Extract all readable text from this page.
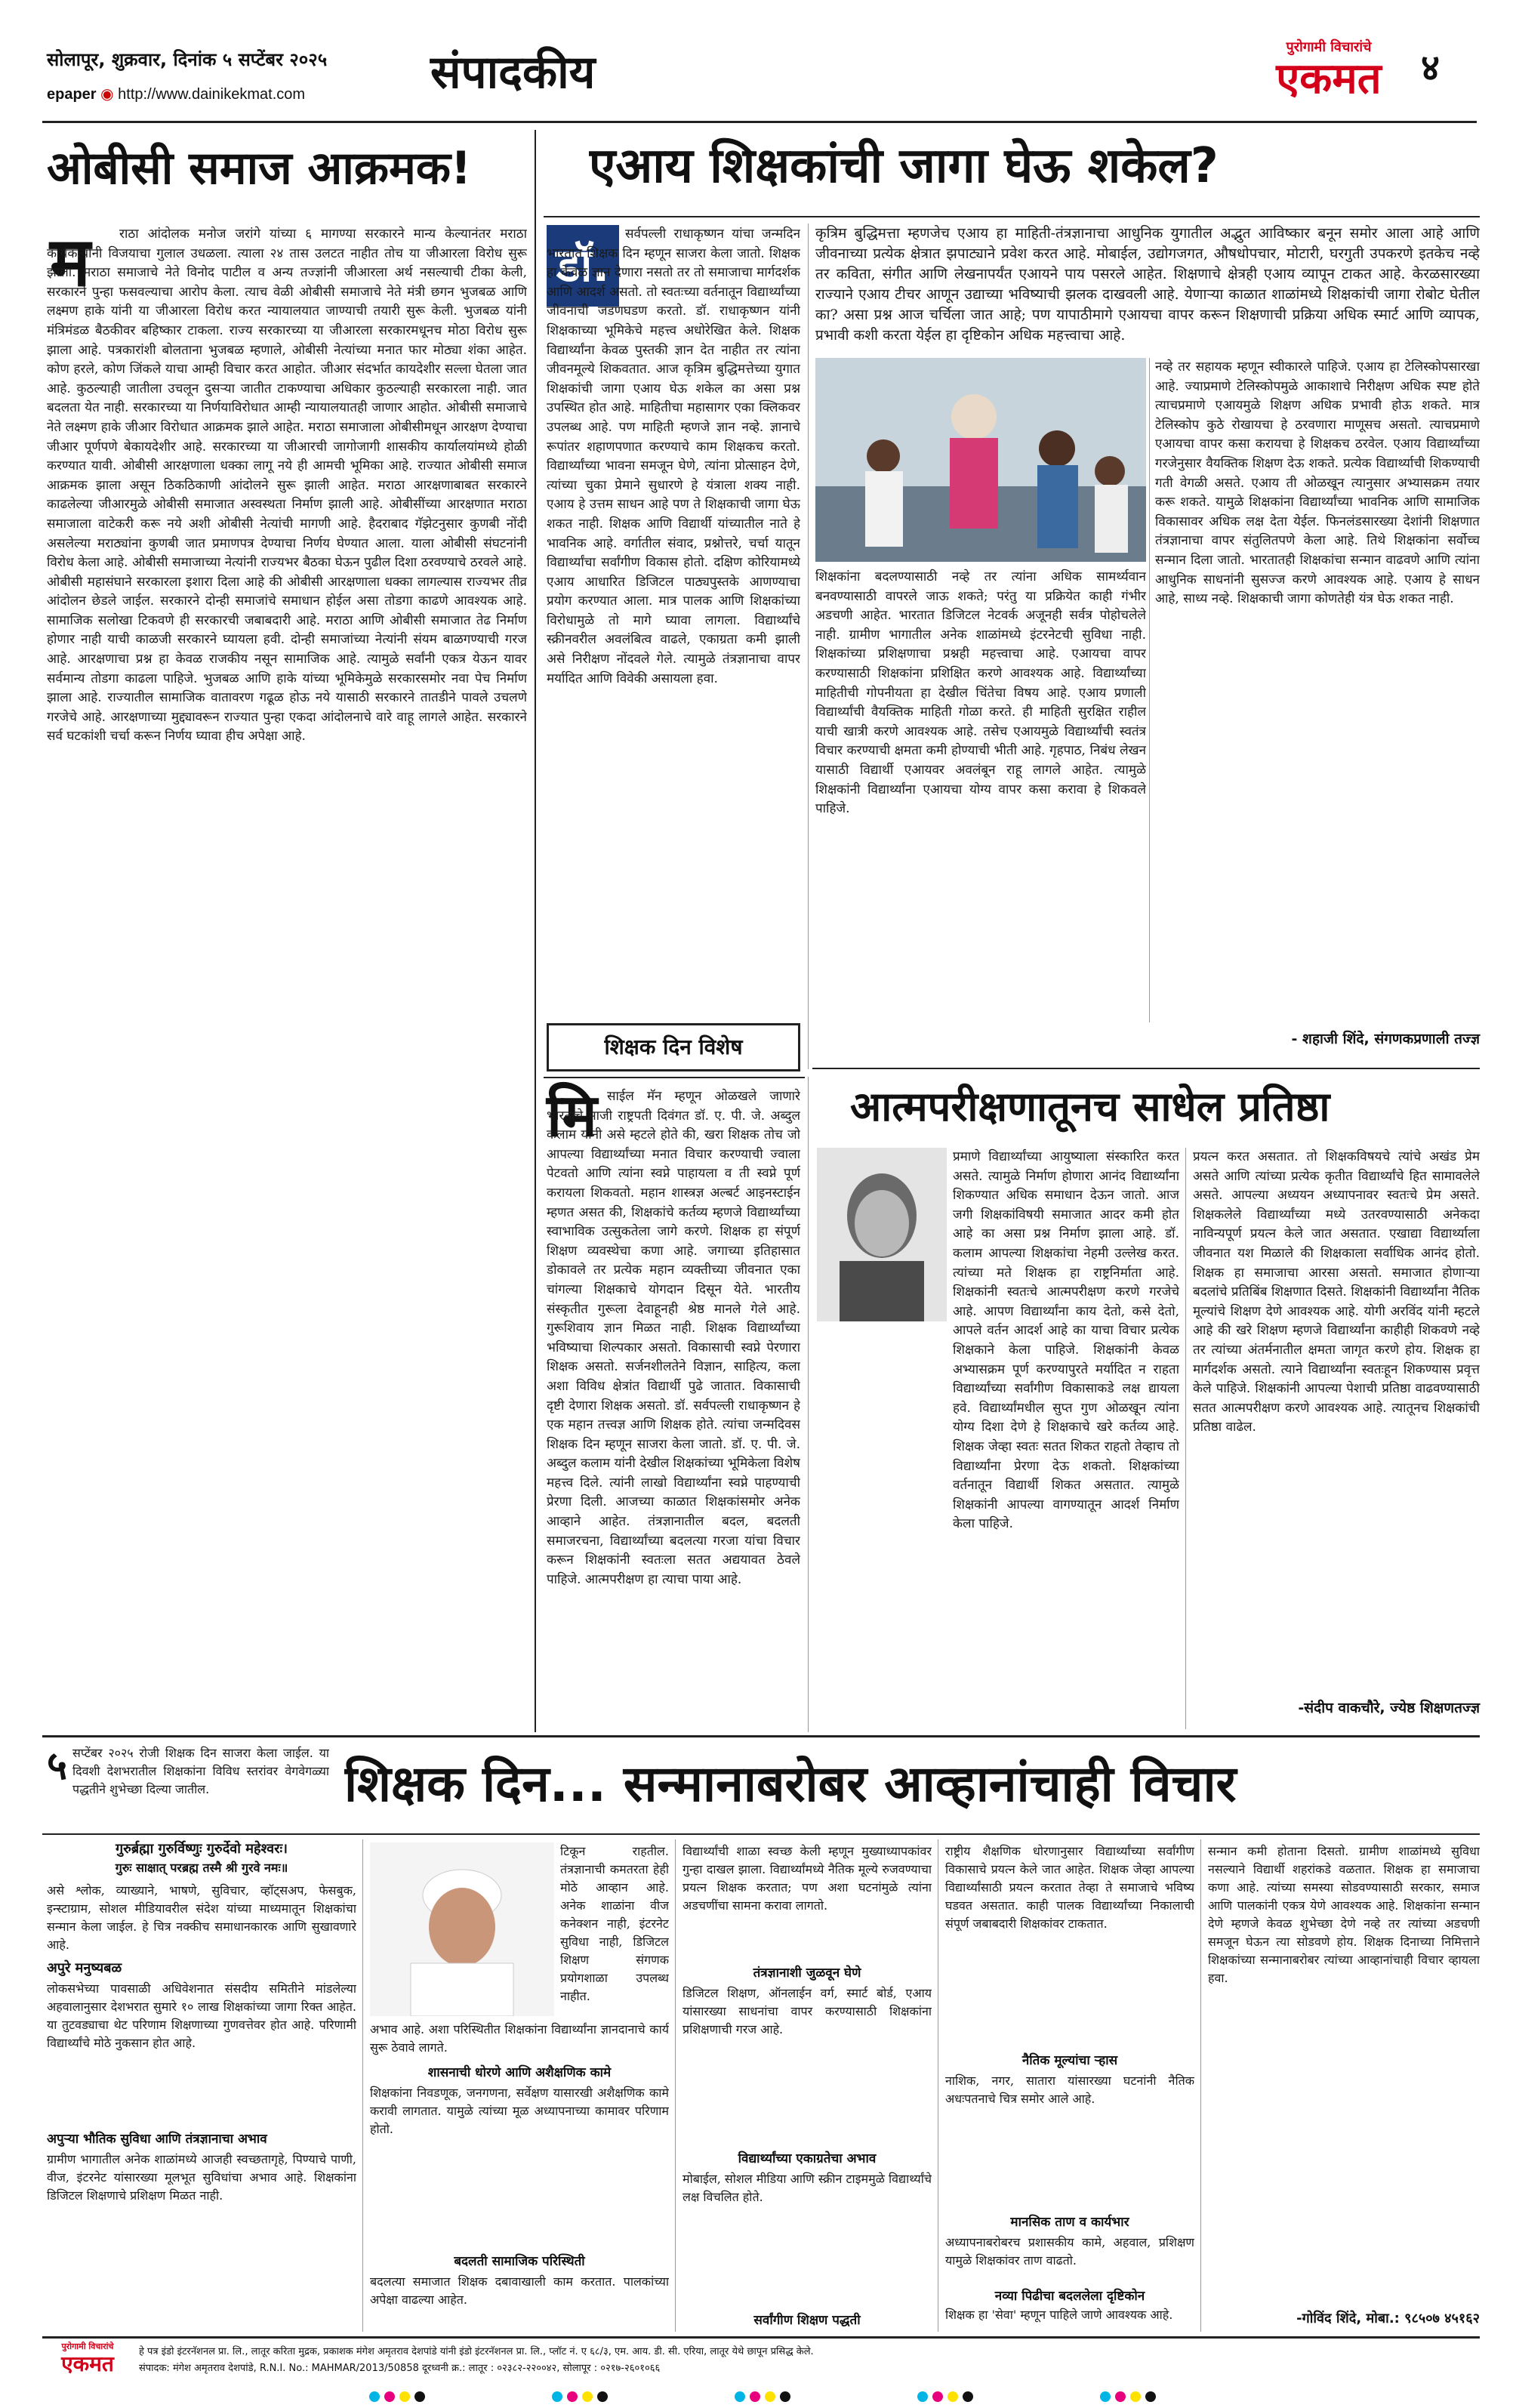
सोलापूर, शुक्रवार, दिनांक ५ सप्टेंबर २०२५
epaper ◉ http://www.dainikekmat.com	संपादकीय	पुरोगामी विचारांचे
एकमत	४
ओबीसी समाज आक्रमक!
म	राठा आंदोलक मनोज जरांगे यांच्या ६ मागण्या सरकारने मान्य केल्यानंतर मराठा कार्यकर्त्यांनी विजयाचा गुलाल उधळला. त्याला २४ तास उलटत नाहीत तोच या जीआरला विरोध सुरू झाला. मराठा समाजाचे नेते विनोद पाटील व अन्य तज्ज्ञांनी जीआरला अर्थ नसल्याची टीका केली, सरकारने पुन्हा फसवल्याचा आरोप केला. त्याच वेळी ओबीसी समाजाचे नेते मंत्री छगन भुजबळ आणि लक्ष्मण हाके यांनी या जीआरला विरोध करत न्यायालयात जाण्याची तयारी सुरू केली. भुजबळ यांनी मंत्रिमंडळ बैठकीवर बहिष्कार टाकला. राज्य सरकारच्या या जीआरला सरकारमधूनच मोठा विरोध सुरू झाला आहे. पत्रकारांशी बोलताना भुजबळ म्हणाले, ओबीसी नेत्यांच्या मनात फार मोठ्या शंका आहेत. कोण हरले, कोण जिंकले याचा आम्ही विचार करत आहोत. जीआर संदर्भात कायदेशीर सल्ला घेतला जात आहे. कुठल्याही जातीला उचलून दुसऱ्या जातीत टाकण्याचा अधिकार कुठल्याही सरकारला नाही. जात बदलता येत नाही. सरकारच्या या निर्णयाविरोधात आम्ही न्यायालयातही जाणार आहोत. ओबीसी समाजाचे नेते लक्ष्मण हाके जीआर विरोधात आक्रमक झाले आहेत. मराठा समाजाला ओबीसीमधून आरक्षण देण्याचा जीआर पूर्णपणे बेकायदेशीर आहे. सरकारच्या या जीआरची जागोजागी शासकीय कार्यालयांमध्ये होळी करण्यात यावी. ओबीसी आरक्षणाला धक्का लागू नये ही आमची भूमिका आहे. राज्यात ओबीसी समाज आक्रमक झाला असून ठिकठिकाणी आंदोलने सुरू झाली आहेत. मराठा आरक्षणाबाबत सरकारने काढलेल्या जीआरमुळे ओबीसी समाजात अस्वस्थता निर्माण झाली आहे. ओबीसींच्या आरक्षणात मराठा समाजाला वाटेकरी करू नये अशी ओबीसी नेत्यांची मागणी आहे. हैदराबाद गॅझेटनुसार कुणबी नोंदी असलेल्या मराठ्यांना कुणबी जात प्रमाणपत्र देण्याचा निर्णय घेण्यात आला. याला ओबीसी संघटनांनी विरोध केला आहे. ओबीसी समाजाच्या नेत्यांनी राज्यभर बैठका घेऊन पुढील दिशा ठरवण्याचे ठरवले आहे. ओबीसी महासंघाने सरकारला इशारा दिला आहे की ओबीसी आरक्षणाला धक्का लागल्यास राज्यभर तीव्र आंदोलन छेडले जाईल. सरकारने दोन्ही समाजांचे समाधान होईल असा तोडगा काढणे आवश्यक आहे. सामाजिक सलोखा टिकवणे ही सरकारची जबाबदारी आहे. मराठा आणि ओबीसी समाजात तेढ निर्माण होणार नाही याची काळजी सरकारने घ्यायला हवी. दोन्ही समाजांच्या नेत्यांनी संयम बाळगण्याची गरज आहे. आरक्षणाचा प्रश्न हा केवळ राजकीय नसून सामाजिक आहे. त्यामुळे सर्वांनी एकत्र येऊन यावर सर्वमान्य तोडगा काढला पाहिजे. भुजबळ आणि हाके यांच्या भूमिकेमुळे सरकारसमोर नवा पेच निर्माण झाला आहे. राज्यातील सामाजिक वातावरण गढूळ होऊ नये यासाठी सरकारने तातडीने पावले उचलणे गरजेचे आहे. आरक्षणाच्या मुद्द्यावरून राज्यात पुन्हा एकदा आंदोलनाचे वारे वाहू लागले आहेत. सरकारने सर्व घटकांशी चर्चा करून निर्णय घ्यावा हीच अपेक्षा आहे.
एआय शिक्षकांची जागा घेऊ शकेल?
डॉ.
सर्वपल्ली राधाकृष्णन यांचा जन्मदिन भारतात शिक्षक दिन म्हणून साजरा केला जातो. शिक्षक हा केवळ ज्ञान देणारा नसतो तर तो समाजाचा मार्गदर्शक आणि आदर्श असतो. तो स्वतःच्या वर्तनातून विद्यार्थ्यांच्या जीवनाची जडणघडण करतो. डॉ. राधाकृष्णन यांनी शिक्षकाच्या भूमिकेचे महत्त्व अधोरेखित केले. शिक्षक विद्यार्थ्यांना केवळ पुस्तकी ज्ञान देत नाहीत तर त्यांना जीवनमूल्ये शिकवतात. आज कृत्रिम बुद्धिमत्तेच्या युगात शिक्षकांची जागा एआय घेऊ शकेल का असा प्रश्न उपस्थित होत आहे. माहितीचा महासागर एका क्लिकवर उपलब्ध आहे. पण माहिती म्हणजे ज्ञान नव्हे. ज्ञानाचे रूपांतर शहाणपणात करण्याचे काम शिक्षकच करतो. विद्यार्थ्यांच्या भावना समजून घेणे, त्यांना प्रोत्साहन देणे, त्यांच्या चुका प्रेमाने सुधारणे हे यंत्राला शक्य नाही. एआय हे उत्तम साधन आहे पण ते शिक्षकाची जागा घेऊ शकत नाही. शिक्षक आणि विद्यार्थी यांच्यातील नाते हे भावनिक आहे. वर्गातील संवाद, प्रश्नोत्तरे, चर्चा यातून विद्यार्थ्यांचा सर्वांगीण विकास होतो. दक्षिण कोरियामध्ये एआय आधारित डिजिटल पाठ्यपुस्तके आणण्याचा प्रयोग करण्यात आला. मात्र पालक आणि शिक्षकांच्या विरोधामुळे तो मागे घ्यावा लागला. विद्यार्थ्यांचे स्क्रीनवरील अवलंबित्व वाढले, एकाग्रता कमी झाली असे निरीक्षण नोंदवले गेले. त्यामुळे तंत्रज्ञानाचा वापर मर्यादित आणि विवेकी असायला हवा.
शिक्षक दिन विशेष
कृत्रिम बुद्धिमत्ता म्हणजेच एआय हा माहिती-तंत्रज्ञानाचा आधुनिक युगातील अद्भुत आविष्कार बनून समोर आला आहे आणि जीवनाच्या प्रत्येक क्षेत्रात झपाट्याने प्रवेश करत आहे. मोबाईल, उद्योगजगत, औषधोपचार, मोटारी, घरगुती उपकरणे इतकेच नव्हे तर कविता, संगीत आणि लेखनापर्यंत एआयने पाय पसरले आहेत. शिक्षणाचे क्षेत्रही एआय व्यापून टाकत आहे. केरळसारख्या राज्याने एआय टीचर आणून उद्याच्या भविष्याची झलक दाखवली आहे. येणाऱ्या काळात शाळांमध्ये शिक्षकांची जागा रोबोट घेतील का? असा प्रश्न आज चर्चिला जात आहे; पण यापाठीमागे एआयचा वापर करून शिक्षणाची प्रक्रिया अधिक स्मार्ट आणि व्यापक, प्रभावी कशी करता येईल हा दृष्टिकोन अधिक महत्त्वाचा आहे.
नव्हे तर सहायक म्हणून स्वीकारले पाहिजे. एआय हा टेलिस्कोपसारखा आहे. ज्याप्रमाणे टेलिस्कोपमुळे आकाशाचे निरीक्षण अधिक स्पष्ट होते त्याचप्रमाणे एआयमुळे शिक्षण अधिक प्रभावी होऊ शकते. मात्र टेलिस्कोप कुठे रोखायचा हे ठरवणारा माणूसच असतो. त्याचप्रमाणे एआयचा वापर कसा करायचा हे शिक्षकच ठरवेल. एआय विद्यार्थ्यांच्या गरजेनुसार वैयक्तिक शिक्षण देऊ शकते. प्रत्येक विद्यार्थ्याची शिकण्याची गती वेगळी असते. एआय ती ओळखून त्यानुसार अभ्यासक्रम तयार करू शकते. यामुळे शिक्षकांना विद्यार्थ्यांच्या भावनिक आणि सामाजिक विकासावर अधिक लक्ष देता येईल. फिनलंडसारख्या देशांनी शिक्षणात तंत्रज्ञानाचा वापर संतुलितपणे केला आहे. तिथे शिक्षकांना सर्वोच्च सन्मान दिला जातो. भारतातही शिक्षकांचा सन्मान वाढवणे आणि त्यांना आधुनिक साधनांनी सुसज्ज करणे आवश्यक आहे. एआय हे साधन आहे, साध्य नव्हे. शिक्षकाची जागा कोणतेही यंत्र घेऊ शकत नाही.
शिक्षकांना बदलण्यासाठी नव्हे तर त्यांना अधिक सामर्थ्यवान बनवण्यासाठी वापरले जाऊ शकते; परंतु या प्रक्रियेत काही गंभीर अडचणी आहेत. भारतात डिजिटल नेटवर्क अजूनही सर्वत्र पोहोचलेले नाही. ग्रामीण भागातील अनेक शाळांमध्ये इंटरनेटची सुविधा नाही. शिक्षकांच्या प्रशिक्षणाचा प्रश्नही महत्त्वाचा आहे. एआयचा वापर करण्यासाठी शिक्षकांना प्रशिक्षित करणे आवश्यक आहे. विद्यार्थ्यांच्या माहितीची गोपनीयता हा देखील चिंतेचा विषय आहे. एआय प्रणाली विद्यार्थ्यांची वैयक्तिक माहिती गोळा करते. ही माहिती सुरक्षित राहील याची खात्री करणे आवश्यक आहे. तसेच एआयमुळे विद्यार्थ्यांची स्वतंत्र विचार करण्याची क्षमता कमी होण्याची भीती आहे. गृहपाठ, निबंध लेखन यासाठी विद्यार्थी एआयवर अवलंबून राहू लागले आहेत. त्यामुळे शिक्षकांनी विद्यार्थ्यांना एआयचा योग्य वापर कसा करावा हे शिकवले पाहिजे.
- शहाजी शिंदे, संगणकप्रणाली तज्ज्ञ
मि साईल मॅन म्हणून ओळखले जाणारे भारताचे माजी राष्ट्रपती दिवंगत डॉ. ए. पी. जे. अब्दुल कलाम यांनी असे म्हटले होते की, खरा शिक्षक तोच जो आपल्या विद्यार्थ्यांच्या मनात विचार करण्याची ज्वाला पेटवतो आणि त्यांना स्वप्ने पाहायला व ती स्वप्ने पूर्ण करायला शिकवतो. महान शास्त्रज्ञ अल्बर्ट आइनस्टाईन म्हणत असत की, शिक्षकांचे कर्तव्य म्हणजे विद्यार्थ्यांच्या स्वाभाविक उत्सुकतेला जागे करणे. शिक्षक हा संपूर्ण शिक्षण व्यवस्थेचा कणा आहे. जगाच्या इतिहासात डोकावले तर प्रत्येक महान व्यक्तीच्या जीवनात एका चांगल्या शिक्षकाचे योगदान दिसून येते. भारतीय संस्कृतीत गुरूला देवाहूनही श्रेष्ठ मानले गेले आहे. गुरूशिवाय ज्ञान मिळत नाही. शिक्षक विद्यार्थ्यांच्या भविष्याचा शिल्पकार असतो. विकासाची स्वप्ने पेरणारा शिक्षक असतो. सर्जनशीलतेने विज्ञान, साहित्य, कला अशा विविध क्षेत्रांत विद्यार्थी पुढे जातात. विकासाची दृष्टी देणारा शिक्षक असतो. डॉ. सर्वपल्ली राधाकृष्णन हे एक महान तत्त्वज्ञ आणि शिक्षक होते. त्यांचा जन्मदिवस शिक्षक दिन म्हणून साजरा केला जातो. डॉ. ए. पी. जे. अब्दुल कलाम यांनी देखील शिक्षकांच्या भूमिकेला विशेष महत्त्व दिले. त्यांनी लाखो विद्यार्थ्यांना स्वप्ने पाहण्याची प्रेरणा दिली. आजच्या काळात शिक्षकांसमोर अनेक आव्हाने आहेत. तंत्रज्ञानातील बदल, बदलती समाजरचना, विद्यार्थ्यांच्या बदलत्या गरजा यांचा विचार करून शिक्षकांनी स्वतःला सतत अद्ययावत ठेवले पाहिजे. आत्मपरीक्षण हा त्याचा पाया आहे.
आत्मपरीक्षणातूनच साधेल प्रतिष्ठा
प्रमाणे विद्यार्थ्यांच्या आयुष्याला संस्कारित करत असते. त्यामुळे निर्माण होणारा आनंद विद्यार्थ्यांना शिकण्यात अधिक समाधान देऊन जातो. आज जगी शिक्षकांविषयी समाजात आदर कमी होत आहे का असा प्रश्न निर्माण झाला आहे. डॉ. कलाम आपल्या शिक्षकांचा नेहमी उल्लेख करत. त्यांच्या मते शिक्षक हा राष्ट्रनिर्माता आहे. शिक्षकांनी स्वतःचे आत्मपरीक्षण करणे गरजेचे आहे. आपण विद्यार्थ्यांना काय देतो, कसे देतो, आपले वर्तन आदर्श आहे का याचा विचार प्रत्येक शिक्षकाने केला पाहिजे. शिक्षकांनी केवळ अभ्यासक्रम पूर्ण करण्यापुरते मर्यादित न राहता विद्यार्थ्यांच्या सर्वांगीण विकासाकडे लक्ष द्यायला हवे. विद्यार्थ्यांमधील सुप्त गुण ओळखून त्यांना योग्य दिशा देणे हे शिक्षकाचे खरे कर्तव्य आहे. शिक्षक जेव्हा स्वतः सतत शिकत राहतो तेव्हाच तो विद्यार्थ्यांना प्रेरणा देऊ शकतो. शिक्षकांच्या वर्तनातून विद्यार्थी शिकत असतात. त्यामुळे शिक्षकांनी आपल्या वागण्यातून आदर्श निर्माण केला पाहिजे.
प्रयत्न करत असतात. तो शिक्षकविषयचे त्यांचे अखंड प्रेम असते आणि त्यांच्या प्रत्येक कृतीत विद्यार्थ्यांचे हित सामावलेले असते. आपल्या अध्ययन अध्यापनावर स्वतःचे प्रेम असते. शिक्षकलेले विद्यार्थ्यांच्या मध्ये उतरवण्यासाठी अनेकदा नाविन्यपूर्ण प्रयत्न केले जात असतात. एखाद्या विद्यार्थ्याला जीवनात यश मिळाले की शिक्षकाला सर्वाधिक आनंद होतो. शिक्षक हा समाजाचा आरसा असतो. समाजात होणाऱ्या बदलांचे प्रतिबिंब शिक्षणात दिसते. शिक्षकांनी विद्यार्थ्यांना नैतिक मूल्यांचे शिक्षण देणे आवश्यक आहे. योगी अरविंद यांनी म्हटले आहे की खरे शिक्षण म्हणजे विद्यार्थ्यांना काहीही शिकवणे नव्हे तर त्यांच्या अंतर्मनातील क्षमता जागृत करणे होय. शिक्षक हा मार्गदर्शक असतो. त्याने विद्यार्थ्यांना स्वतःहून शिकण्यास प्रवृत्त केले पाहिजे. शिक्षकांनी आपल्या पेशाची प्रतिष्ठा वाढवण्यासाठी सतत आत्मपरीक्षण करणे आवश्यक आहे. त्यातूनच शिक्षकांची प्रतिष्ठा वाढेल.
-संदीप वाकचौरे, ज्येष्ठ शिक्षणतज्ज्ञ
५ सप्टेंबर २०२५ रोजी शिक्षक दिन साजरा केला जाईल. या दिवशी देशभरातील शिक्षकांना विविध स्तरांवर वेगवेगळ्या पद्धतीने शुभेच्छा दिल्या जातील.	शिक्षक दिन... सन्मानाबरोबर आव्हानांचाही विचार
गुरुर्ब्रह्मा गुरुर्विष्णुः गुरुर्देवो महेश्वरः।
गुरुः साक्षात् परब्रह्म तस्मै श्री गुरवे नमः॥
असे श्लोक, व्याख्याने, भाषणे, सुविचार, व्हॉट्सअप, फेसबुक, इन्स्टाग्राम, सोशल मीडियावरील संदेश यांच्या माध्यमातून शिक्षकांचा सन्मान केला जाईल. हे चित्र नक्कीच समाधानकारक आणि सुखावणारे आहे.
अपुरे मनुष्यबळ
लोकसभेच्या पावसाळी अधिवेशनात संसदीय समितीने मांडलेल्या अहवालानुसार देशभरात सुमारे १० लाख शिक्षकांच्या जागा रिक्त आहेत. या तुटवड्याचा थेट परिणाम शिक्षणाच्या गुणवत्तेवर होत आहे. परिणामी विद्यार्थ्यांचे मोठे नुकसान होत आहे.
अपुऱ्या भौतिक सुविधा आणि तंत्रज्ञानाचा अभाव
ग्रामीण भागातील अनेक शाळांमध्ये आजही स्वच्छतागृहे, पिण्याचे पाणी, वीज, इंटरनेट यांसारख्या मूलभूत सुविधांचा अभाव आहे. शिक्षकांना डिजिटल शिक्षणाचे प्रशिक्षण मिळत नाही.
टिकून राहतील. तंत्रज्ञानाची कमतरता हेही मोठे आव्हान आहे. अनेक शाळांना वीज कनेक्शन नाही, इंटरनेट सुविधा नाही, डिजिटल शिक्षण संगणक प्रयोगशाळा उपलब्ध नाहीत.
अभाव आहे. अशा परिस्थितीत शिक्षकांना विद्यार्थ्यांना ज्ञानदानाचे कार्य सुरू ठेवावे लागते.
शासनाची धोरणे आणि अशैक्षणिक कामे
शिक्षकांना निवडणूक, जनगणना, सर्वेक्षण यासारखी अशैक्षणिक कामे करावी लागतात. यामुळे त्यांच्या मूळ अध्यापनाच्या कामावर परिणाम होतो.
बदलती सामाजिक परिस्थिती
बदलत्या समाजात शिक्षक दबावाखाली काम करतात. पालकांच्या अपेक्षा वाढल्या आहेत.
विद्यार्थ्यांची शाळा स्वच्छ केली म्हणून मुख्याध्यापकांवर गुन्हा दाखल झाला. विद्यार्थ्यांमध्ये नैतिक मूल्ये रुजवण्याचा प्रयत्न शिक्षक करतात; पण अशा घटनांमुळे त्यांना अडचणींचा सामना करावा लागतो.
तंत्रज्ञानाशी जुळवून घेणे
डिजिटल शिक्षण, ऑनलाईन वर्ग, स्मार्ट बोर्ड, एआय यांसारख्या साधनांचा वापर करण्यासाठी शिक्षकांना प्रशिक्षणाची गरज आहे.
विद्यार्थ्यांच्या एकाग्रतेचा अभाव
मोबाईल, सोशल मीडिया आणि स्क्रीन टाइममुळे विद्यार्थ्यांचे लक्ष विचलित होते.
सर्वांगीण शिक्षण पद्धती
राष्ट्रीय शैक्षणिक धोरणानुसार विद्यार्थ्यांच्या सर्वांगीण विकासाचे प्रयत्न केले जात आहेत. शिक्षक जेव्हा आपल्या विद्यार्थ्यांसाठी प्रयत्न करतात तेव्हा ते समाजाचे भविष्य घडवत असतात. काही पालक विद्यार्थ्यांच्या निकालाची संपूर्ण जबाबदारी शिक्षकांवर टाकतात.
नैतिक मूल्यांचा ऱ्हास
नाशिक, नगर, सातारा यांसारख्या घटनांनी नैतिक अधःपतनाचे चित्र समोर आले आहे.
मानसिक ताण व कार्यभार
अध्यापनाबरोबरच प्रशासकीय कामे, अहवाल, प्रशिक्षण यामुळे शिक्षकांवर ताण वाढतो.
नव्या पिढीचा बदललेला दृष्टिकोन
शिक्षक हा 'सेवा' म्हणून पाहिले जाणे आवश्यक आहे.
सन्मान कमी होताना दिसतो. ग्रामीण शाळांमध्ये सुविधा नसल्याने विद्यार्थी शहरांकडे वळतात. शिक्षक हा समाजाचा कणा आहे. त्यांच्या समस्या सोडवण्यासाठी सरकार, समाज आणि पालकांनी एकत्र येणे आवश्यक आहे. शिक्षकांना सन्मान देणे म्हणजे केवळ शुभेच्छा देणे नव्हे तर त्यांच्या अडचणी समजून घेऊन त्या सोडवणे होय. शिक्षक दिनाच्या निमित्ताने शिक्षकांच्या सन्मानाबरोबर त्यांच्या आव्हानांचाही विचार व्हायला हवा.
-गोविंद शिंदे, मोबा.: ९८५०७ ४५१६२
पुरोगामी विचारांचे
एकमत	हे पत्र इंडो इंटरनॅशनल प्रा. लि., लातूर करिता मुद्रक, प्रकाशक मंगेश अमृतराव देशपांडे यांनी इंडो इंटरनॅशनल प्रा. लि., प्लॉट नं. ए ६८/३, एम. आय. डी. सी. एरिया, लातूर येथे छापून प्रसिद्ध केले.
संपादक: मंगेश अमृतराव देशपांडे, R.N.I. No.: MAHMAR/2013/50858 दूरध्वनी क्र.: लातूर : ०२३८२-२२००४२, सोलापूर : ०२१७-२६०१०६६
